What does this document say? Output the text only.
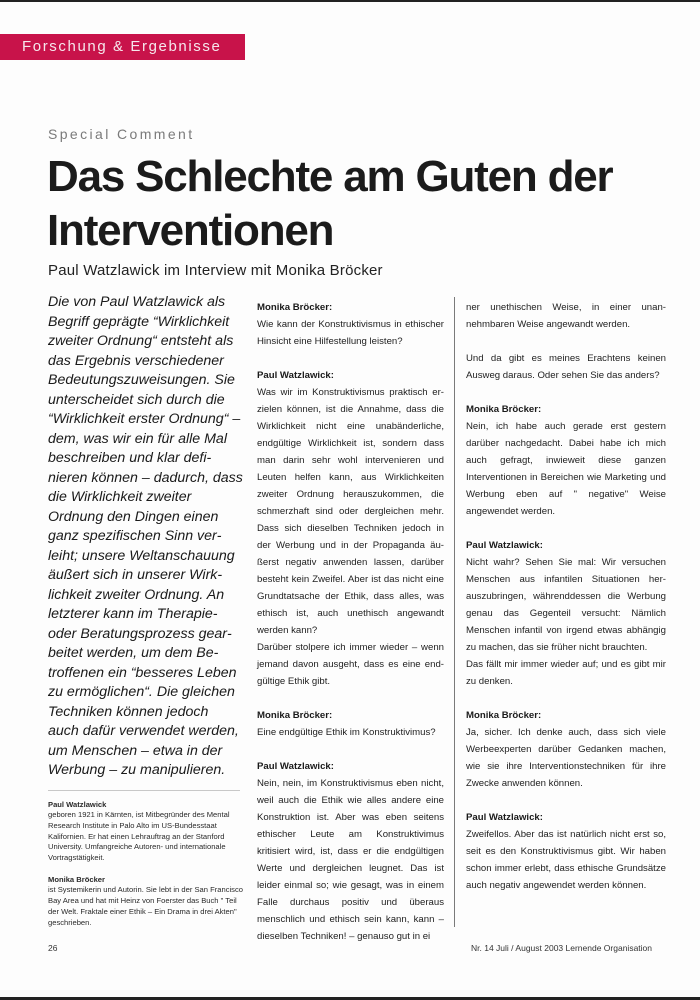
Forschung & Ergebnisse
Special Comment
Das Schlechte am Guten der Interventionen
Paul Watzlawick im Interview mit Monika Bröcker

Die von Paul Watzlawick als Begriff geprägte “Wirklichkeit zweiter Ordnung“ entsteht als das Ergebnis verschiedener Bedeutungszuweisungen. Sie unterscheidet sich durch die “Wirklichkeit erster Ordnung“ – dem, was wir ein für alle Mal beschreiben und klar definieren können – dadurch, dass die Wirklichkeit zweiter Ordnung den Dingen einen ganz spezifischen Sinn verleiht; unsere Weltanschauung äußert sich in unserer Wirklichkeit zweiter Ordnung. An letzterer kann im Therapie- oder Beratungsprozess gearbeitet werden, um dem Betroffenen ein “besseres Leben zu ermöglichen“. Die gleichen Techniken können jedoch auch dafür verwendet werden, um Menschen – etwa in der Werbung – zu manipulieren.

Paul Watzlawick
geboren 1921 in Kärnten, ist Mitbegründer des Mental Research Institute in Palo Alto im US-Bundesstaat Kalifornien. Er hat einen Lehrauftrag an der Stanford University. Umfangreiche Autoren- und internationale Vortragstätigkeit.

Monika Bröcker
ist Systemikerin und Autorin. Sie lebt in der San Francisco Bay Area und hat mit Heinz von Foerster das Buch " Teil der Welt. Fraktale einer Ethik – Ein Drama in drei Akten" geschrieben.

Monika Bröcker:

Wie kann der Konstruktivismus in ethischer Hinsicht eine Hilfestellung leisten?

Paul Watzlawick:

Was wir im Konstruktivismus praktisch erzielen können, ist die Annahme, dass die Wirklichkeit nicht eine unabänderliche, endgültige Wirklichkeit ist, sondern dass man darin sehr wohl intervenieren und Leuten helfen kann, aus Wirklichkeiten zweiter Ordnung herauszukommen, die schmerzhaft sind oder dergleichen mehr. Dass sich dieselben Techniken jedoch in der Werbung und in der Propaganda äußerst negativ anwenden lassen, darüber besteht kein Zweifel. Aber ist das nicht eine Grundtatsache der Ethik, dass alles, was ethisch ist, auch unethisch angewandt werden kann?

Darüber stolpere ich immer wieder – wenn jemand davon ausgeht, dass es eine endgültige Ethik gibt.

Monika Bröcker:

Eine endgültige Ethik im Konstruktivimus?

Paul Watzlawick:

Nein, nein, im Konstruktivismus eben nicht, weil auch die Ethik wie alles andere eine Konstruktion ist. Aber was eben seitens ethischer Leute am Konstruktivimus kritisiert wird, ist, dass er die endgültigen Werte und dergleichen leugnet. Das ist leider einmal so; wie gesagt, was in einem Falle durchaus positiv und überaus menschlich und ethisch sein kann, kann – dieselben Techniken! – genauso gut in ei

ner unethischen Weise, in einer unannehmbaren Weise angewandt werden.

Und da gibt es meines Erachtens keinen Ausweg daraus. Oder sehen Sie das anders?

Monika Bröcker:

Nein, ich habe auch gerade erst gestern darüber nachgedacht. Dabei habe ich mich auch gefragt, inwieweit diese ganzen Interventionen in Bereichen wie Marketing und Werbung eben auf " negative" Weise angewendet werden.

Paul Watzlawick:

Nicht wahr? Sehen Sie mal: Wir versuchen Menschen aus infantilen Situationen herauszubringen, währenddessen die Werbung genau das Gegenteil versucht: Nämlich Menschen infantil von irgend etwas abhängig zu machen, das sie früher nicht brauchten.

Das fällt mir immer wieder auf; und es gibt mir zu denken.

Monika Bröcker:

Ja, sicher. Ich denke auch, dass sich viele Werbeexperten darüber Gedanken machen, wie sie ihre Interventionstechniken für ihre Zwecke anwenden können.

Paul Watzlawick:

Zweifellos. Aber das ist natürlich nicht erst so, seit es den Konstruktivismus gibt. Wir haben schon immer erlebt, dass ethische Grundsätze auch negativ angewendet werden können.

26	Nr. 14 Juli / August 2003 Lernende Organisation
